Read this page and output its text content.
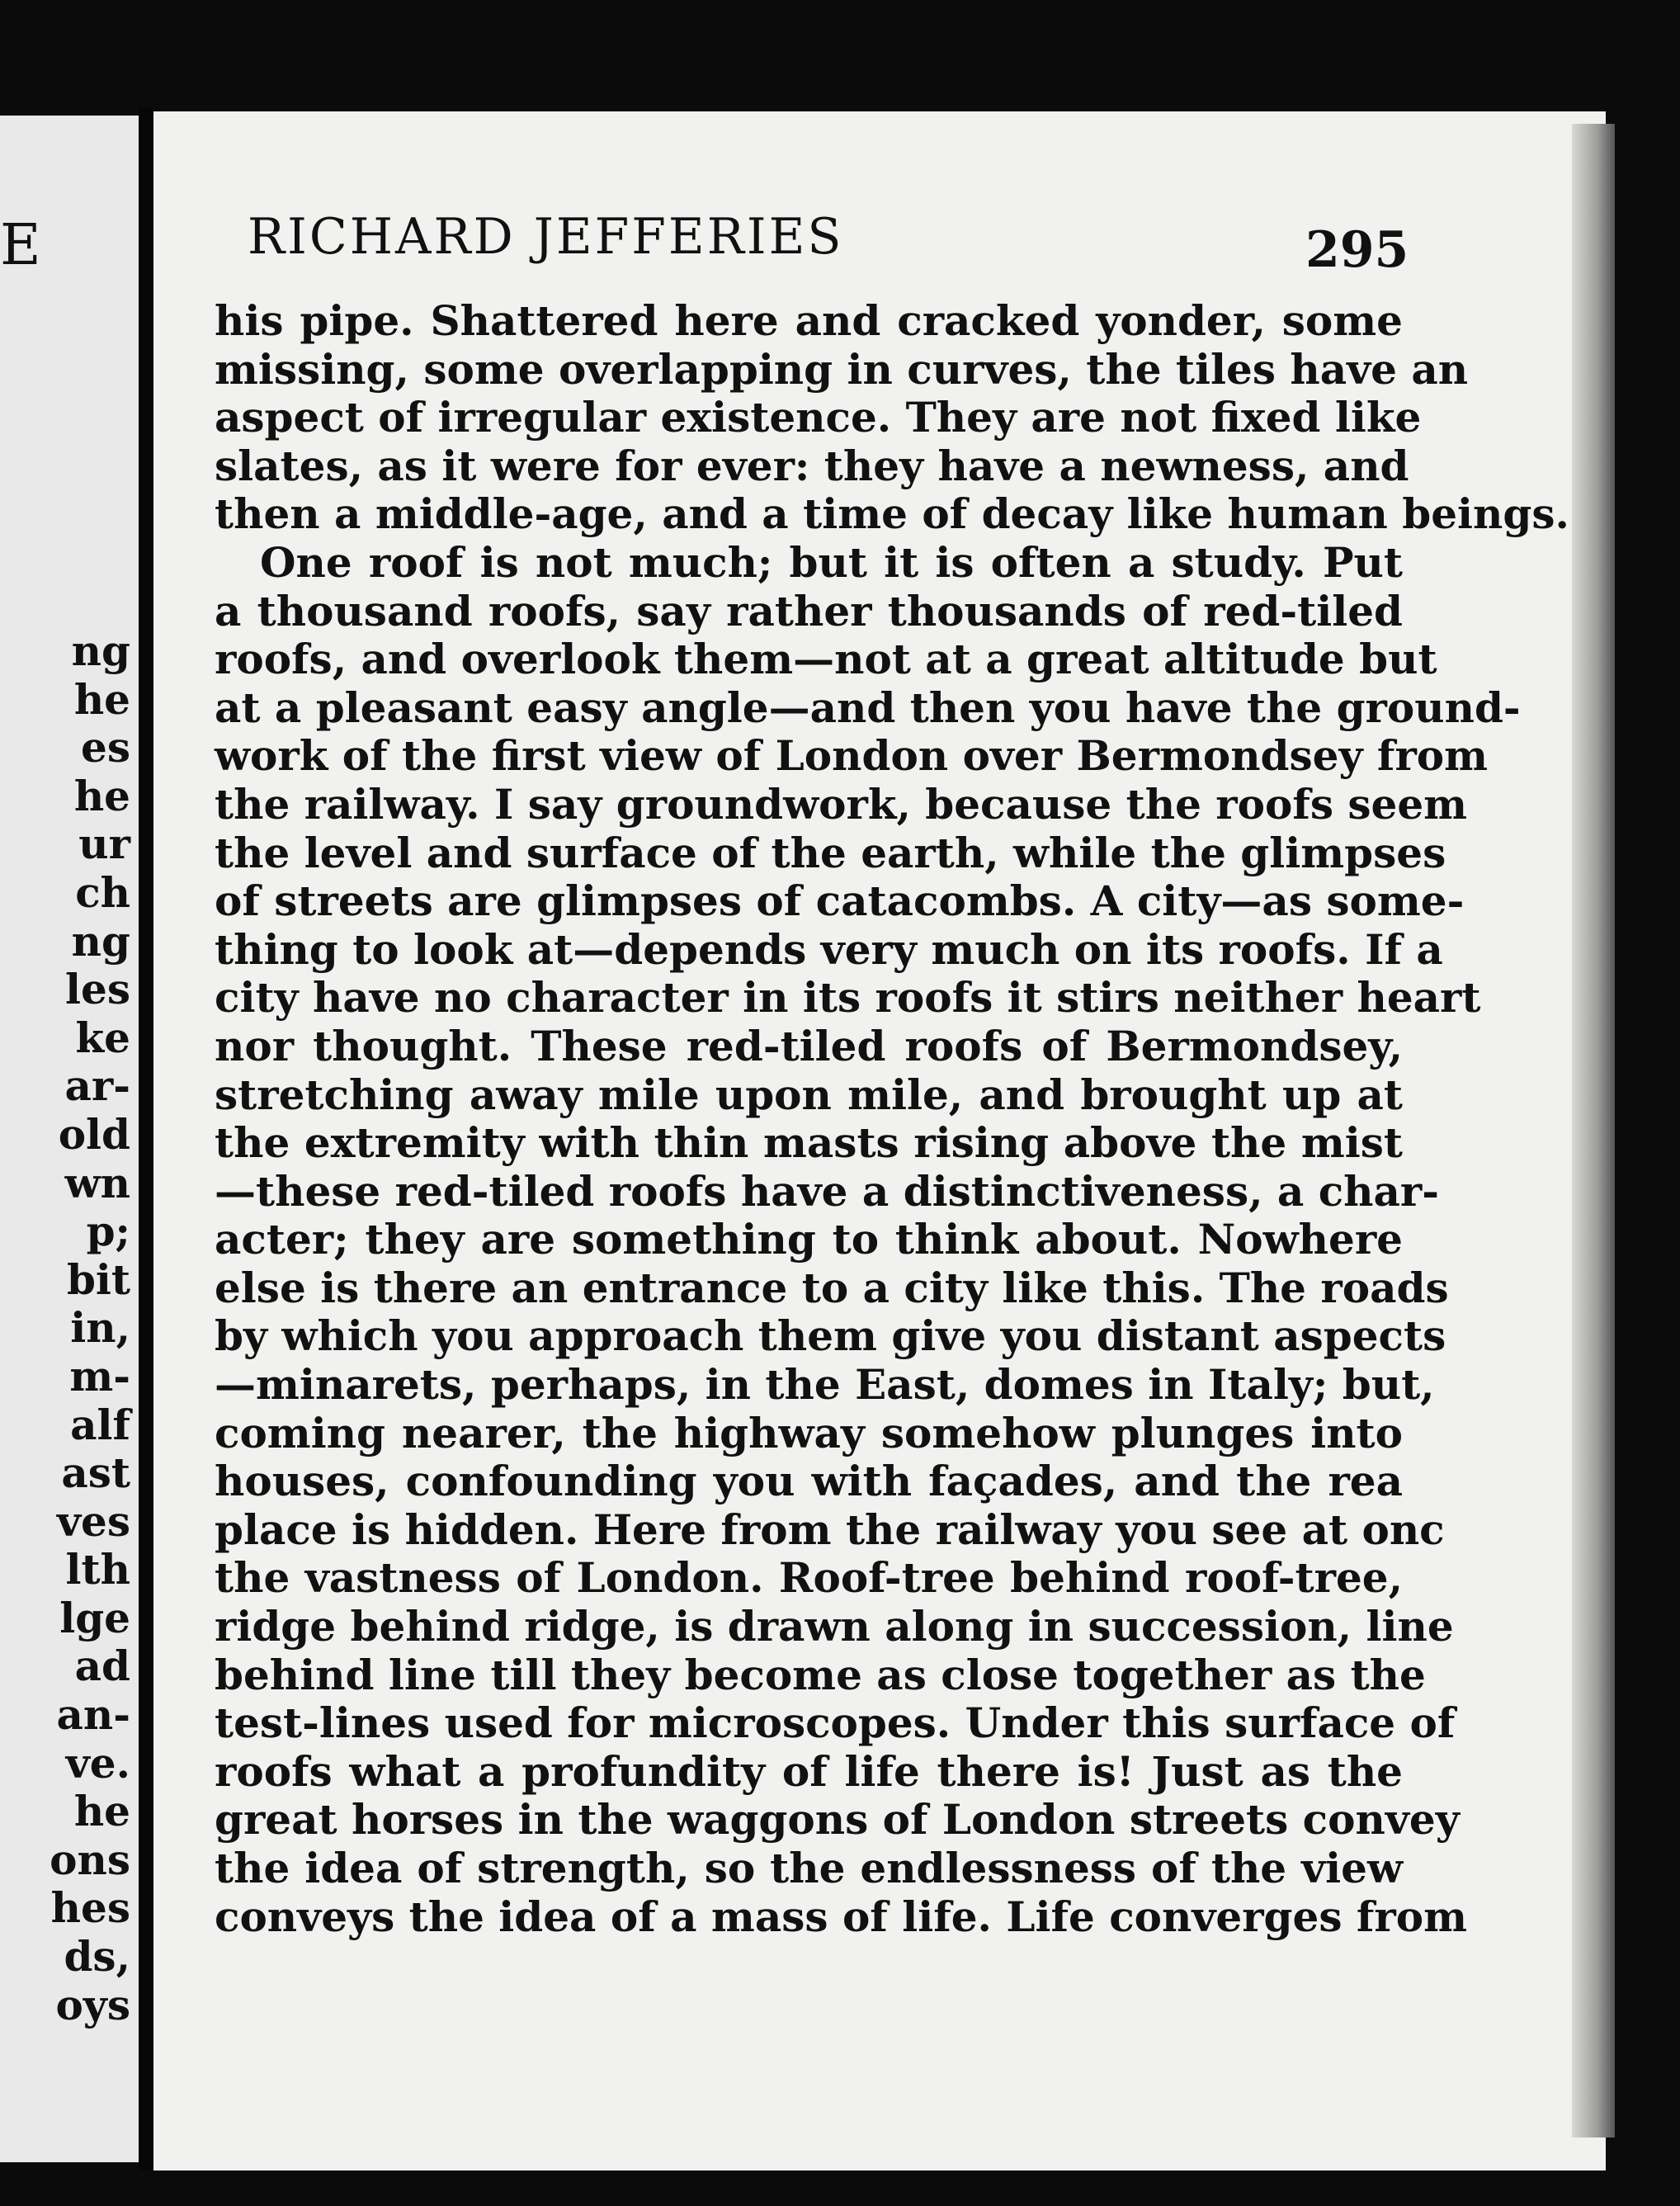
E
ng
he
es
he
ur
ch
ng
les
ke
ar-
old
wn
p;
bit
in,
m-
alf
ast
ves
lth
lge
ad
an-
ve.
he
ons
hes
ds,
oys
RICHARD JEFFERIES	295
his pipe. Shattered here and cracked yonder, some
missing, some overlapping in curves, the tiles have an
aspect of irregular existence. They are not fixed like
slates, as it were for ever: they have a newness, and
then a middle-age, and a time of decay like human beings.
One roof is not much; but it is often a study. Put
a thousand roofs, say rather thousands of red-tiled
roofs, and overlook them—not at a great altitude but
at a pleasant easy angle—and then you have the ground-
work of the first view of London over Bermondsey from
the railway. I say groundwork, because the roofs seem
the level and surface of the earth, while the glimpses
of streets are glimpses of catacombs. A city—as some-
thing to look at—depends very much on its roofs. If a
city have no character in its roofs it stirs neither heart
nor thought. These red-tiled roofs of Bermondsey,
stretching away mile upon mile, and brought up at
the extremity with thin masts rising above the mist
—these red-tiled roofs have a distinctiveness, a char-
acter; they are something to think about. Nowhere
else is there an entrance to a city like this. The roads
by which you approach them give you distant aspects
—minarets, perhaps, in the East, domes in Italy; but,
coming nearer, the highway somehow plunges into
houses, confounding you with façades, and the rea
place is hidden. Here from the railway you see at onc
the vastness of London. Roof-tree behind roof-tree,
ridge behind ridge, is drawn along in succession, line
behind line till they become as close together as the
test-lines used for microscopes. Under this surface of
roofs what a profundity of life there is! Just as the
great horses in the waggons of London streets convey
the idea of strength, so the endlessness of the view
conveys the idea of a mass of life. Life converges from
